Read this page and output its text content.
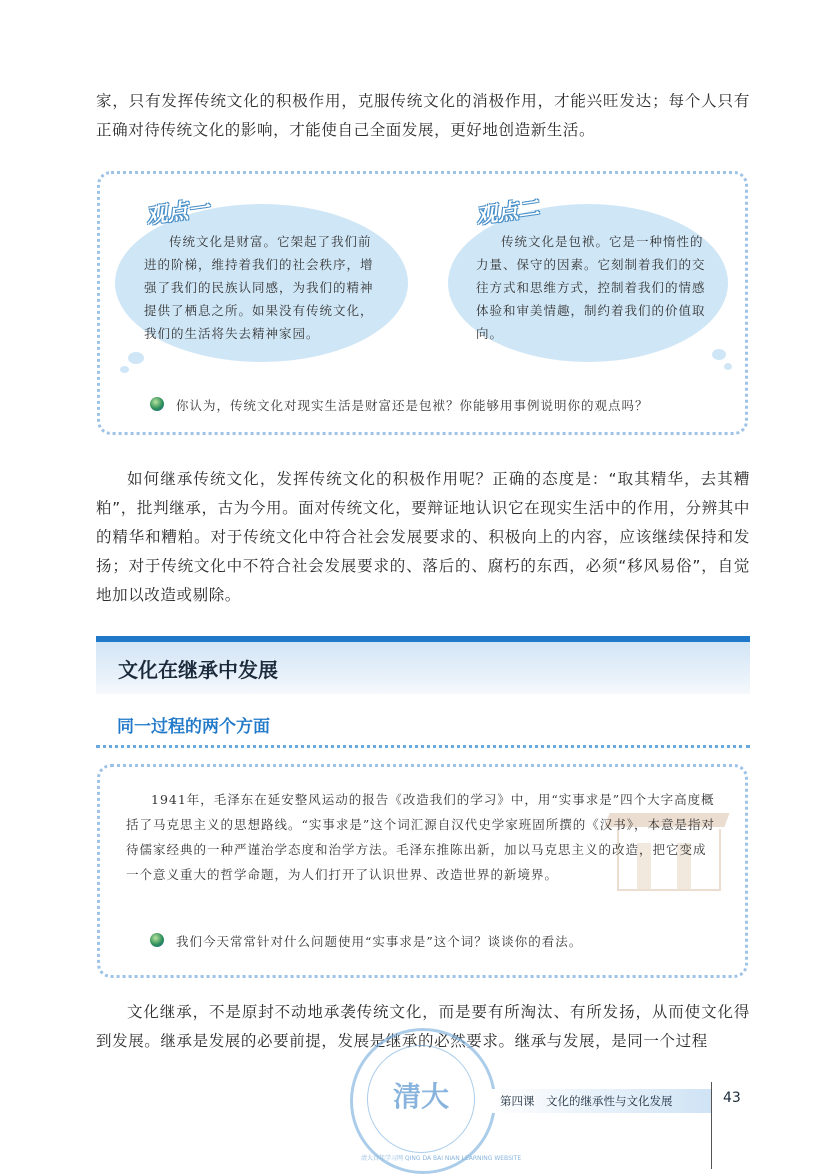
家，只有发挥传统文化的积极作用，克服传统文化的消极作用，才能兴旺发达；每个人只有正确对待传统文化的影响，才能使自己全面发展，更好地创造新生活。

观点一

传统文化是财富。它架起了我们前进的阶梯，维持着我们的社会秩序，增强了我们的民族认同感，为我们的精神提供了栖息之所。如果没有传统文化，我们的生活将失去精神家园。

观点二

传统文化是包袱。它是一种惰性的力量、保守的因素。它刻制着我们的交往方式和思维方式，控制着我们的情感体验和审美情趣，制约着我们的价值取向。

你认为，传统文化对现实生活是财富还是包袱？你能够用事例说明你的观点吗？

如何继承传统文化，发挥传统文化的积极作用呢？正确的态度是：“取其精华，去其糟粕”，批判继承，古为今用。面对传统文化，要辩证地认识它在现实生活中的作用，分辨其中的精华和糟粕。对于传统文化中符合社会发展要求的、积极向上的内容，应该继续保持和发扬；对于传统文化中不符合社会发展要求的、落后的、腐朽的东西，必须“移风易俗”，自觉地加以改造或剔除。

文化在继承中发展
同一过程的两个方面

1941年，毛泽东在延安整风运动的报告《改造我们的学习》中，用“实事求是”四个大字高度概括了马克思主义的思想路线。“实事求是”这个词汇源自汉代史学家班固所撰的《汉书》，本意是指对待儒家经典的一种严谨治学态度和治学方法。毛泽东推陈出新，加以马克思主义的改造，把它变成一个意义重大的哲学命题，为人们打开了认识世界、改造世界的新境界。

我们今天常常针对什么问题使用“实事求是”这个词？谈谈你的看法。

文化继承，不是原封不动地承袭传统文化，而是要有所淘汰、有所发扬，从而使文化得到发展。继承是发展的必要前提，发展是继承的必然要求。继承与发展，是同一个过程

清大
清大百年学习网 QING DA BAI NIAN LEARNING WEBSITE
第四课　文化的继承性与文化发展	43
